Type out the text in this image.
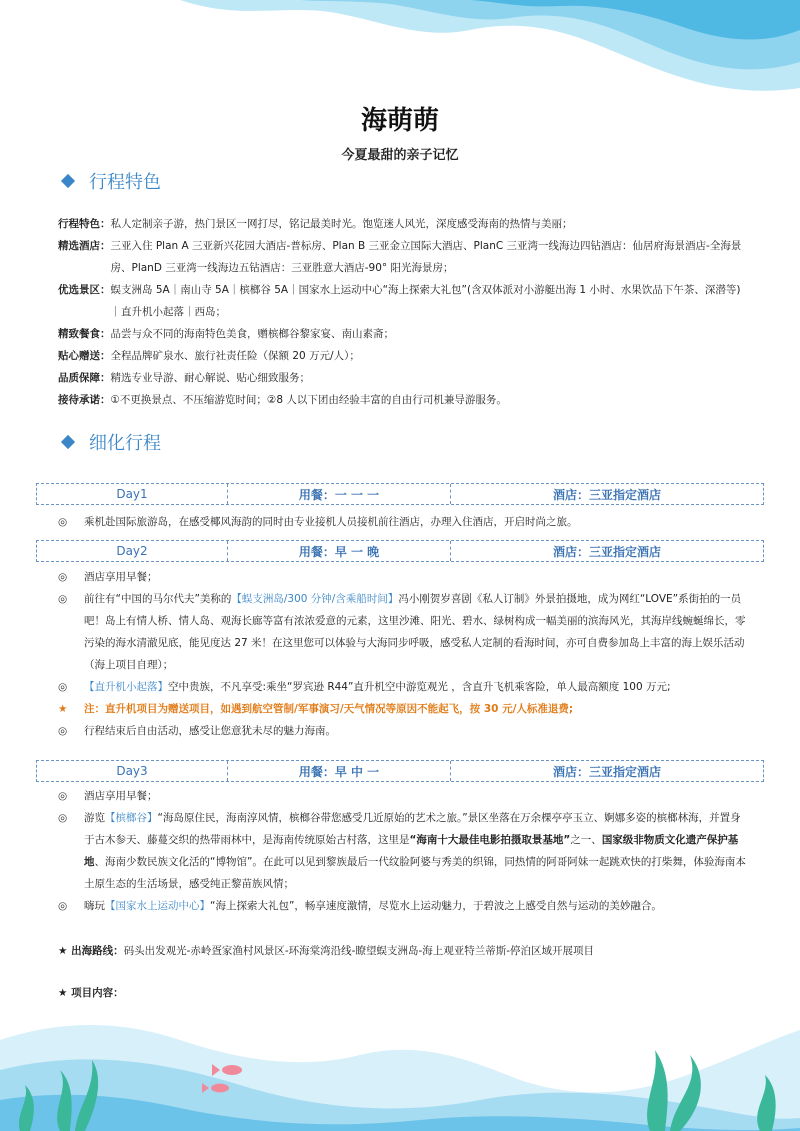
海萌萌
今夏最甜的亲子记忆
行程特色
行程特色： 私人定制亲子游，热门景区一网打尽，铭记最美时光。饱览迷人风光，深度感受海南的热情与美丽；
精选酒店： 三亚入住 Plan A 三亚新兴花园大酒店-普标房、Plan B 三亚金立国际大酒店、PlanC 三亚湾一线海边四钻酒店：仙居府海景酒店-全海景房、PlanD 三亚湾一线海边五钻酒店：三亚胜意大酒店-90° 阳光海景房；
优选景区： 蜈支洲岛 5A｜南山寺 5A｜槟榔谷 5A｜国家水上运动中心“海上探索大礼包”(含双体派对小游艇出海 1 小时、水果饮品下午茶、深潜等)｜直升机小起落｜西岛；
精致餐食： 品尝与众不同的海南特色美食，赠槟榔谷黎家宴、南山素斋；
贴心赠送： 全程品牌矿泉水、旅行社责任险（保额 20 万元/人）；
品质保障： 精选专业导游、耐心解说、贴心细致服务；
接待承诺： ①不更换景点、不压缩游览时间；②8 人以下团由经验丰富的自由行司机兼导游服务。
细化行程
Day1	用餐：一 一 一	酒店：三亚指定酒店
◎	乘机赴国际旅游岛，在感受椰风海韵的同时由专业接机人员接机前往酒店，办理入住酒店，开启时尚之旅。
Day2	用餐：早 一 晚	酒店：三亚指定酒店
◎	酒店享用早餐；
◎	前往有“中国的马尔代夫”美称的【蜈支洲岛/300 分钟/含乘船时间】冯小刚贺岁喜剧《私人订制》外景拍摄地，成为网红“LOVE”系街拍的一员吧！岛上有情人桥、情人岛、观海长廊等富有浓浓爱意的元素，这里沙滩、阳光、碧水、绿树构成一幅美丽的滨海风光，其海岸线蜿蜒绵长，零污染的海水清澈见底，能见度达 27 米！在这里您可以体验与大海同步呼吸，感受私人定制的看海时间，亦可自费参加岛上丰富的海上娱乐活动（海上项目自理）；
◎	【直升机小起落】空中贵族，不凡享受:乘坐“罗宾逊 R44”直升机空中游览观光 ，含直升飞机乘客险，单人最高额度 100 万元;
★	注：直升机项目为赠送项目，如遇到航空管制/军事演习/天气情况等原因不能起飞，按 30 元/人标准退费;
◎	行程结束后自由活动，感受让您意犹未尽的魅力海南。
Day3	用餐：早 中 一	酒店：三亚指定酒店
◎	酒店享用早餐；
◎	游览【槟榔谷】“海岛原住民，海南淳风情，槟榔谷带您感受几近原始的艺术之旅。”景区坐落在万余棵亭亭玉立、婀娜多姿的槟榔林海，并置身于古木参天、藤蔓交织的热带雨林中，是海南传统原始古村落，这里是“海南十大最佳电影拍摄取景基地”之一、国家级非物质文化遗产保护基地、海南少数民族文化活的“博物馆”。在此可以见到黎族最后一代纹脸阿婆与秀美的织锦，同热情的阿哥阿妹一起跳欢快的打柴舞，体验海南本土原生态的生活场景，感受纯正黎苗族风情；
◎	嗨玩【国家水上运动中心】“海上探索大礼包”，畅享速度激情，尽览水上运动魅力，于碧波之上感受自然与运动的美妙融合。
★ 出海路线：码头出发观光-赤岭疍家渔村风景区-环海棠湾沿线-瞭望蜈支洲岛-海上观亚特兰蒂斯-停泊区域开展项目
★ 项目内容：
